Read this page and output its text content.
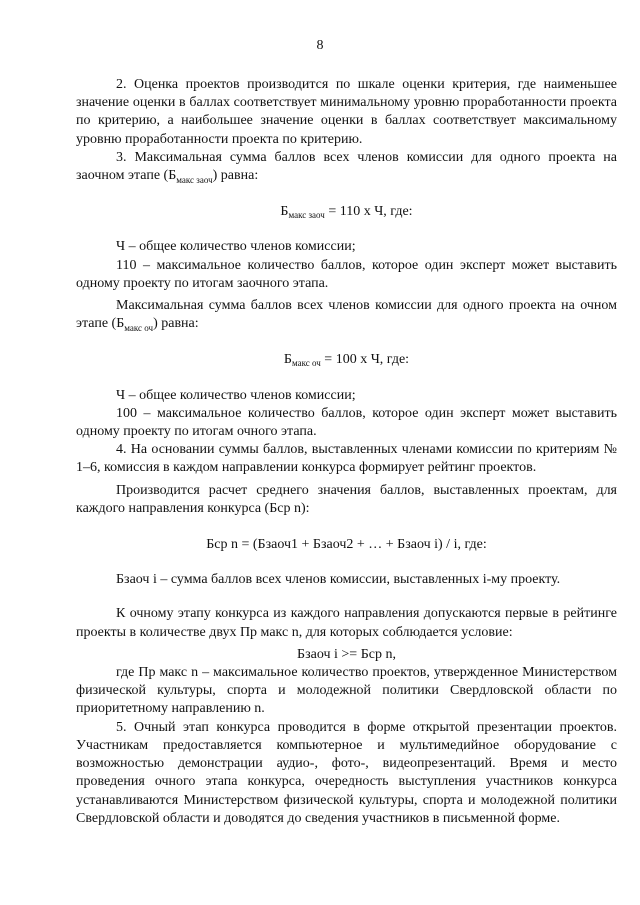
8

2. Оценка проектов производится по шкале оценки критерия, где наименьшее значение оценки в баллах соответствует минимальному уровню проработанности проекта по критерию, а наибольшее значение оценки в баллах соответствует максимальному уровню проработанности проекта по критерию.

3. Максимальная сумма баллов всех членов комиссии для одного проекта на заочном этапе $(Б_{макс заоч})$ равна:

$Б_{макс заоч} = 110$ х Ч, где:

Ч – общее количество членов комиссии;

110 – максимальное количество баллов, которое один эксперт может выставить одному проекту по итогам заочного этапа.

Максимальная сумма баллов всех членов комиссии для одного проекта на очном этапе $(Б_{макс оч})$ равна:

$Б_{макс оч} = 100$ х Ч, где:

Ч – общее количество членов комиссии;

100 – максимальное количество баллов, которое один эксперт может выставить одному проекту по итогам очного этапа.

4. На основании суммы баллов, выставленных членами комиссии по критериям № 1–6, комиссия в каждом направлении конкурса формирует рейтинг проектов.

Производится расчет среднего значения баллов, выставленных проектам, для каждого направления конкурса (Бср n):

Бср n = (Бзаоч1 + Бзаоч2 + … + Бзаоч i) / i, где:

Бзаоч i – сумма баллов всех членов комиссии, выставленных i-му проекту.

К очному этапу конкурса из каждого направления допускаются первые в рейтинге проекты в количестве двух Пр макс n, для которых соблюдается условие:

Бзаоч i >= Бср n,

где Пр макс n – максимальное количество проектов, утвержденное Министерством физической культуры, спорта и молодежной политики Свердловской области по приоритетному направлению n.

5. Очный этап конкурса проводится в форме открытой презентации проектов. Участникам предоставляется компьютерное и мультимедийное оборудование с возможностью демонстрации аудио-, фото-, видеопрезентаций. Время и место проведения очного этапа конкурса, очередность выступления участников конкурса устанавливаются Министерством физической культуры, спорта и молодежной политики Свердловской области и доводятся до сведения участников в письменной форме.
